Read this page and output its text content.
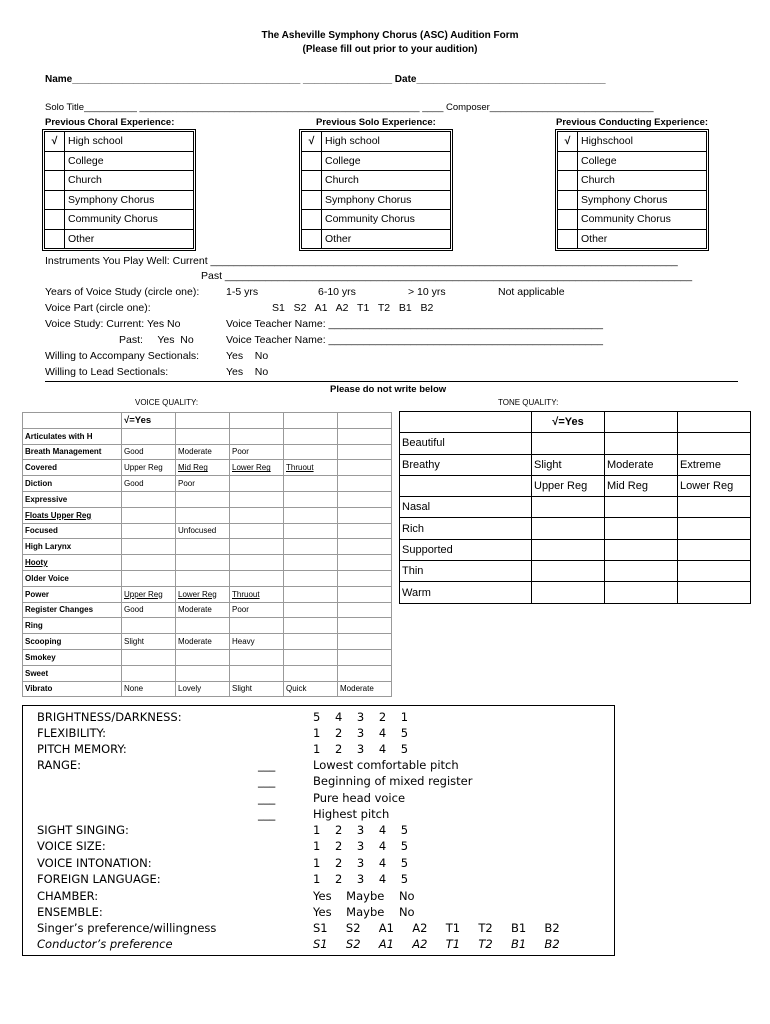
The Asheville Symphony Chorus (ASC) Audition Form
(Please fill out prior to your audition)
Name_________________________________________ ________________ Date__________________________________
Solo Title__________ _____________________________________________________ ____ Composer_______________________________
Previous Choral Experience:	Previous Solo Experience:	Previous Conducting Experience:
√	High school
	College
	Church
	Symphony Chorus
	Community Chorus
	Other
√	High school
	College
	Church
	Symphony Chorus
	Community Chorus
	Other
√	Highschool
	College
	Church
	Symphony Chorus
	Community Chorus
	Other
Instruments You Play Well: Current ________________________________________________________________________________
Past ________________________________________________________________________________
Years of Voice Study (circle one):	1-5 yrs	6-10 yrs	> 10 yrs	Not applicable
Voice Part (circle one):	S1   S2   A1   A2   T1   T2   B1   B2
Voice Study: Current: Yes No	Voice Teacher Name: _______________________________________________
Past:     Yes  No	Voice Teacher Name: _______________________________________________
Willing to Accompany Sectionals:	Yes    No
Willing to Lead Sectionals:	Yes    No
Please do not write below
VOICE QUALITY:	TONE QUALITY:
	√=Yes				
Articulates with H					
Breath Management	Good	Moderate	Poor		
Covered	Upper Reg	Mid Reg	Lower Reg	Thruout	
Diction	Good	Poor			
Expressive					
Floats Upper Reg					
Focused		Unfocused			
High Larynx					
Hooty					
Older Voice					
Power	Upper Reg	Lower Reg	Thruout		
Register Changes	Good	Moderate	Poor		
Ring					
Scooping	Slight	Moderate	Heavy		
Smokey					
Sweet					
Vibrato	None	Lovely	Slight	Quick	Moderate
	√=Yes		
Beautiful			
Breathy	Slight	Moderate	Extreme
	Upper Reg	Mid Reg	Lower Reg
Nasal			
Rich			
Supported			
Thin			
Warm			
BRIGHTNESS/DARKNESS:	5    4    3    2    1
FLEXIBILITY:	1    2    3    4    5
PITCH MEMORY:	1    2    3    4    5
RANGE:	___	Lowest comfortable pitch
___	Beginning of mixed register
___	Pure head voice
___	Highest pitch
SIGHT SINGING:	1    2    3    4    5
VOICE SIZE:	1    2    3    4    5
VOICE INTONATION:	1    2    3    4    5
FOREIGN LANGUAGE:	1    2    3    4    5
CHAMBER:	Yes    Maybe    No
ENSEMBLE:	Yes    Maybe    No
Singer’s preference/willingness	S1     S2     A1     A2     T1     T2     B1     B2
Conductor’s preference	S1     S2     A1     A2     T1     T2     B1     B2
